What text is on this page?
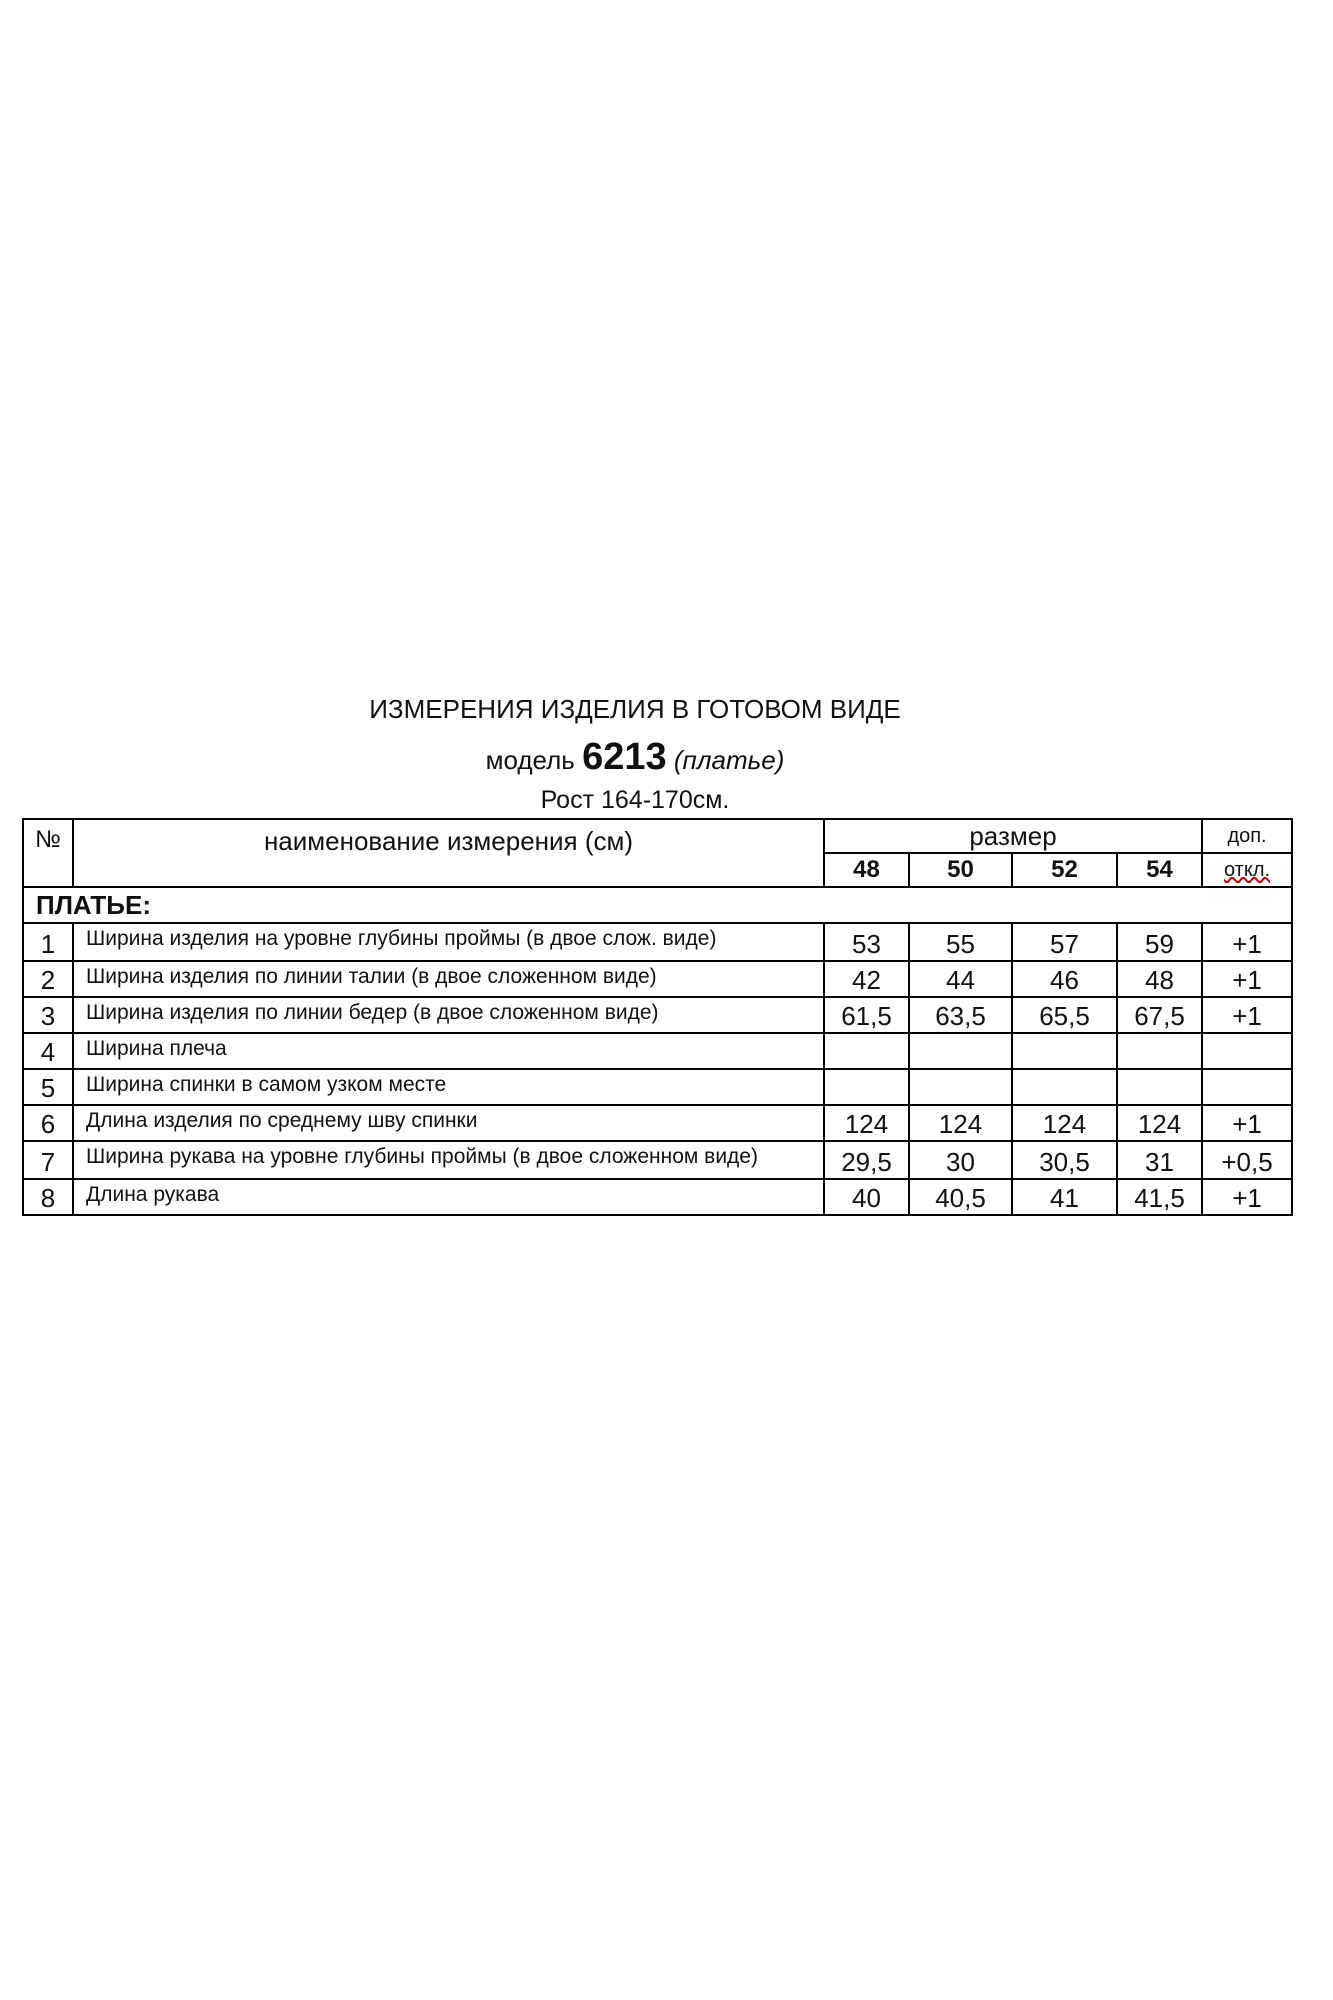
ИЗМЕРЕНИЯ ИЗДЕЛИЯ В ГОТОВОМ ВИДЕ
модель 6213 (платье)
Рост 164-170см.
№	наименование измерения (см)	размер				доп.
		48	50	52	54	откл.
ПЛАТЬЕ:						
1	Ширина изделия на уровне глубины проймы (в двое слож. виде)	53	55	57	59	+1
2	Ширина изделия по линии талии (в двое сложенном виде)	42	44	46	48	+1
3	Ширина изделия по линии бедер (в двое сложенном виде)	61,5	63,5	65,5	67,5	+1
4	Ширина плеча					
5	Ширина спинки в самом узком месте					
6	Длина изделия по среднему шву спинки	124	124	124	124	+1
7	Ширина рукава на уровне глубины проймы (в двое сложенном виде)	29,5	30	30,5	31	+0,5
8	Длина рукава	40	40,5	41	41,5	+1
